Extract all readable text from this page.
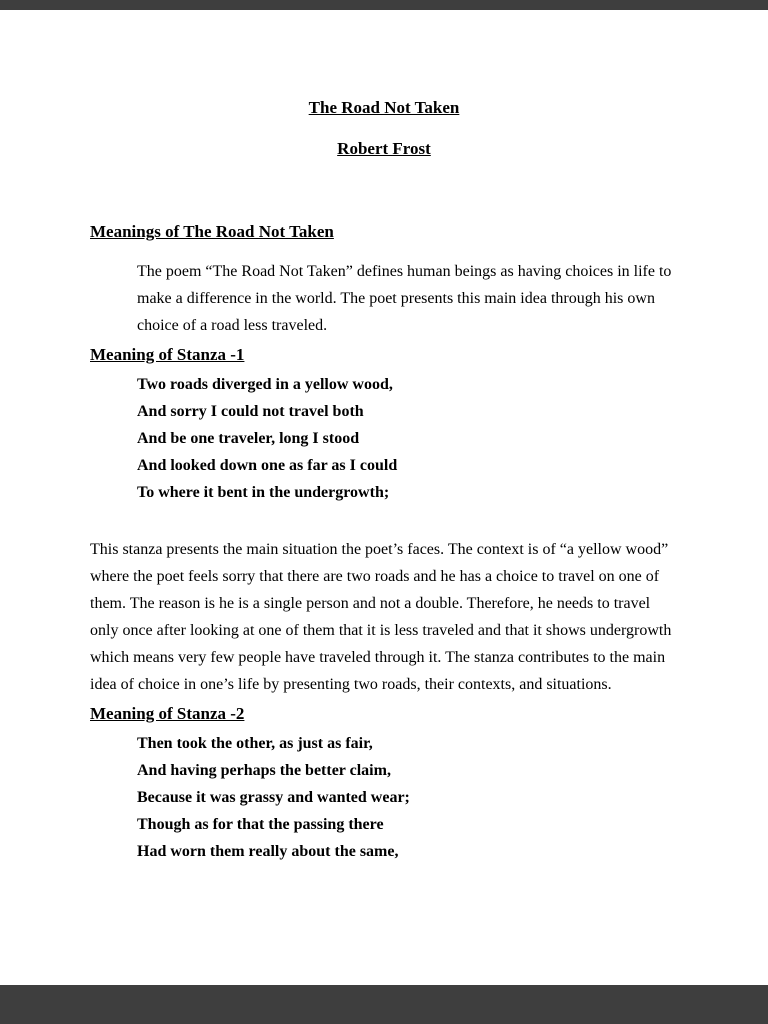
The Road Not Taken

Robert Frost

Meanings of The Road Not Taken

The poem “The Road Not Taken” defines human beings as having choices in life to make a difference in the world. The poet presents this main idea through his own choice of a road less traveled.

Meaning of Stanza -1

Two roads diverged in a yellow wood,
And sorry I could not travel both
And be one traveler, long I stood
And looked down one as far as I could
To where it bent in the undergrowth;

This stanza presents the main situation the poet’s faces. The context is of “a yellow wood” where the poet feels sorry that there are two roads and he has a choice to travel on one of them. The reason is he is a single person and not a double. Therefore, he needs to travel only once after looking at one of them that it is less traveled and that it shows undergrowth which means very few people have traveled through it. The stanza contributes to the main idea of choice in one’s life by presenting two roads, their contexts, and situations.

Meaning of Stanza -2

Then took the other, as just as fair,
And having perhaps the better claim,
Because it was grassy and wanted wear;
Though as for that the passing there
Had worn them really about the same,
